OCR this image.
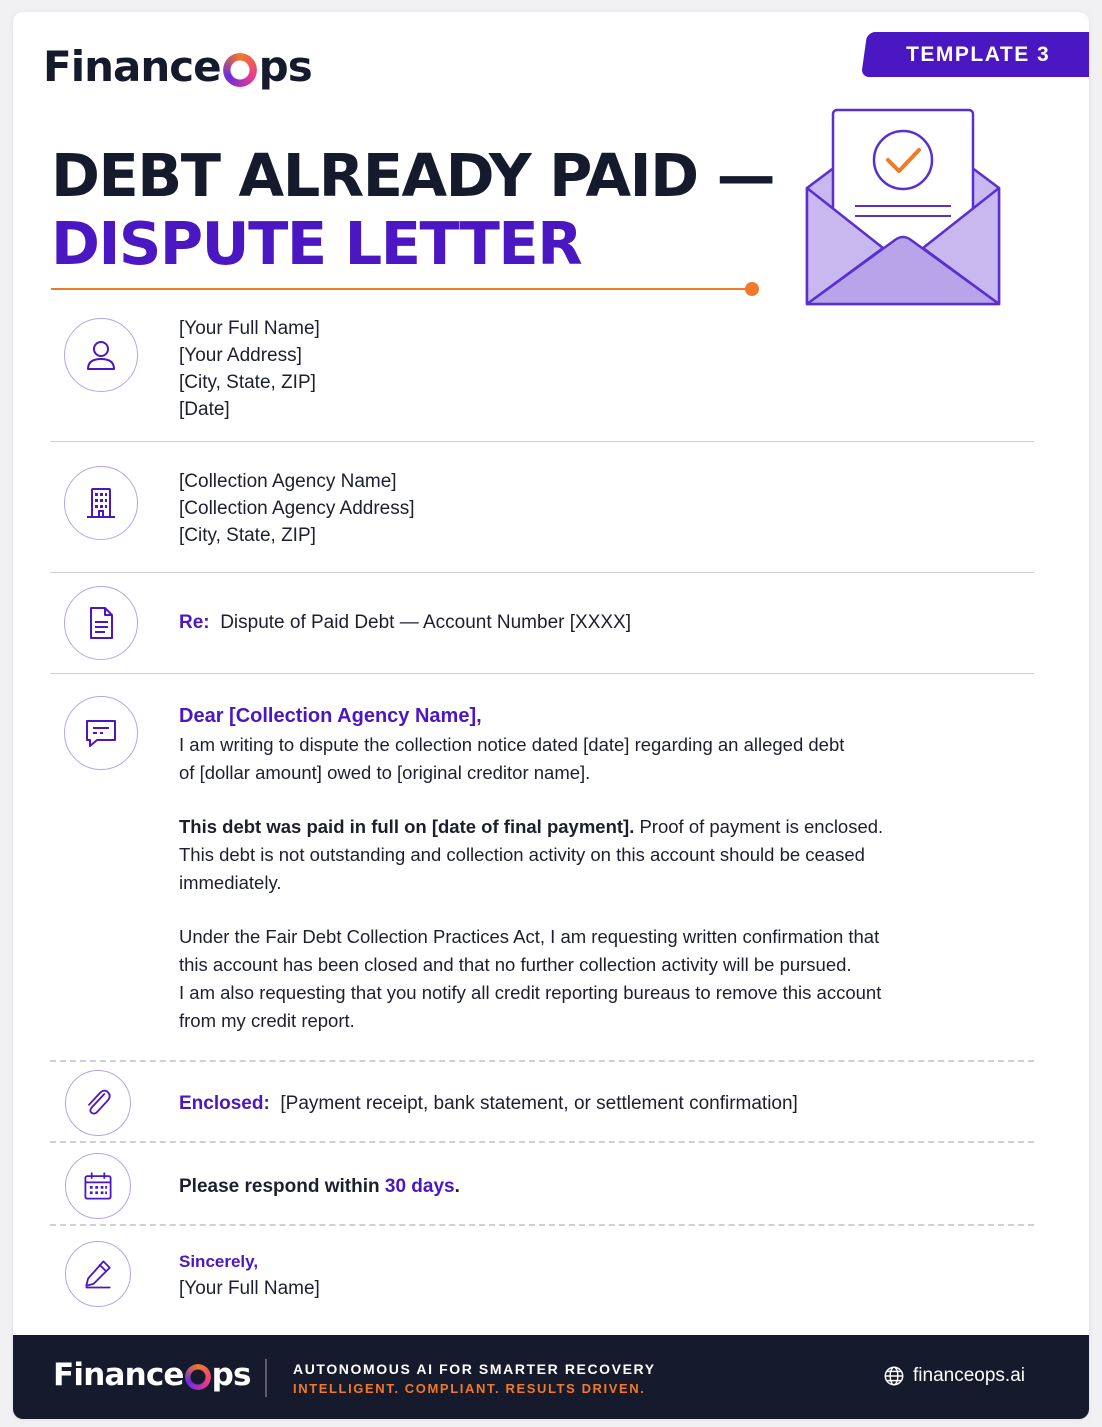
Finance ps	TEMPLATE 3
DEBT ALREADY PAID —
DISPUTE LETTER
[Your Full Name]
[Your Address]
[City, State, ZIP]
[Date]
[Collection Agency Name]
[Collection Agency Address]
[City, State, ZIP]
Re: Dispute of Paid Debt — Account Number [XXXX]
Dear [Collection Agency Name],
I am writing to dispute the collection notice dated [date] regarding an alleged debt
of [dollar amount] owed to [original creditor name].
This debt was paid in full on [date of final payment]. Proof of payment is enclosed.
This debt is not outstanding and collection activity on this account should be ceased
immediately.
Under the Fair Debt Collection Practices Act, I am requesting written confirmation that
this account has been closed and that no further collection activity will be pursued.
I am also requesting that you notify all credit reporting bureaus to remove this account
from my credit report.
Enclosed: [Payment receipt, bank statement, or settlement confirmation]
Please respond within 30 days.
Sincerely,
[Your Full Name]
Finance ps	AUTONOMOUS AI FOR SMARTER RECOVERY
INTELLIGENT. COMPLIANT. RESULTS DRIVEN.
financeops.ai
